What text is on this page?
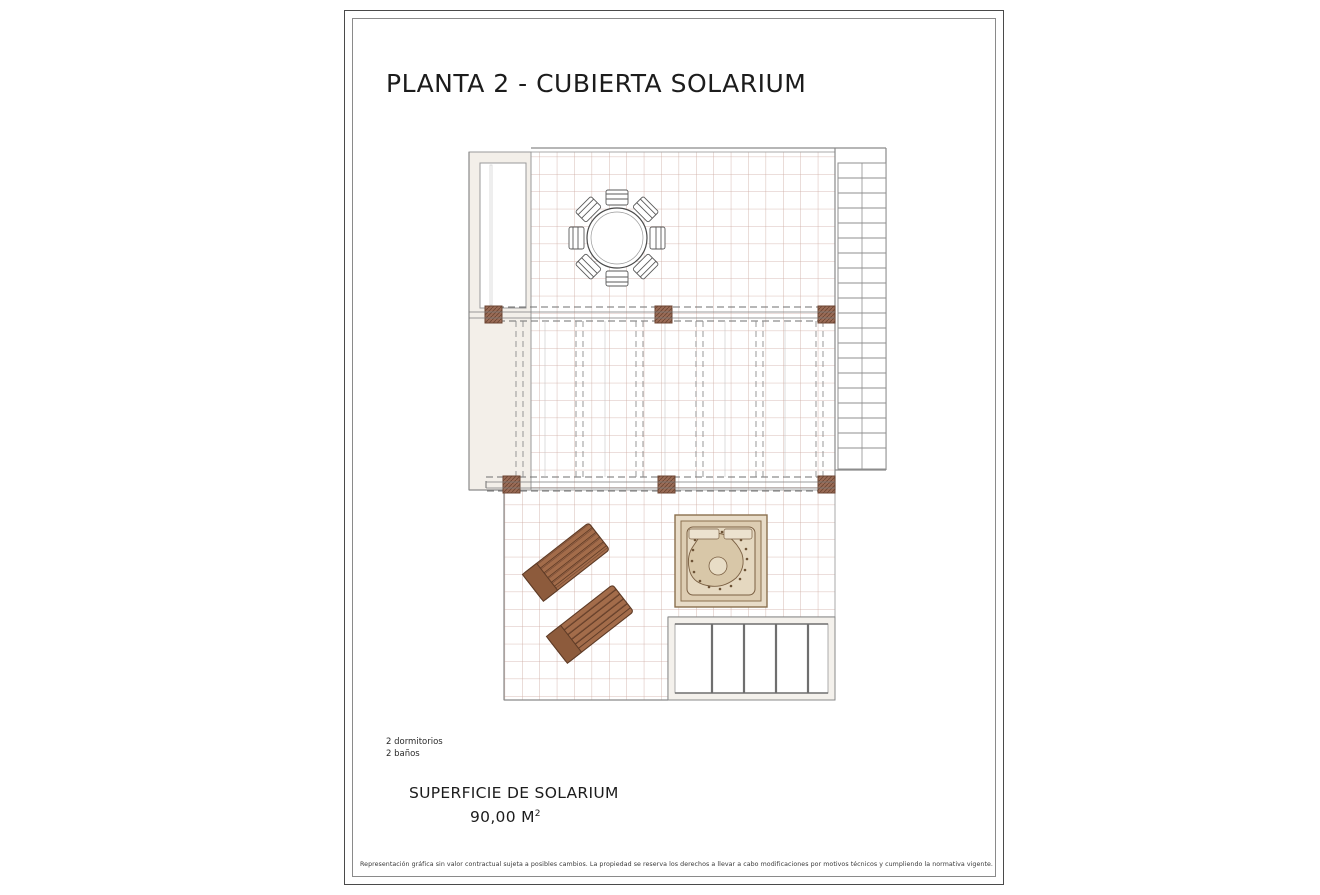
PLANTA 2 - CUBIERTA SOLARIUM
2 dormitorios
2 baños
SUPERFICIE DE SOLARIUM
90,00 $M^2$
Representación gráfica sin valor contractual sujeta a posibles cambios. La propiedad se reserva los derechos a llevar a cabo modificaciones por motivos técnicos y cumpliendo la normativa vigente.
